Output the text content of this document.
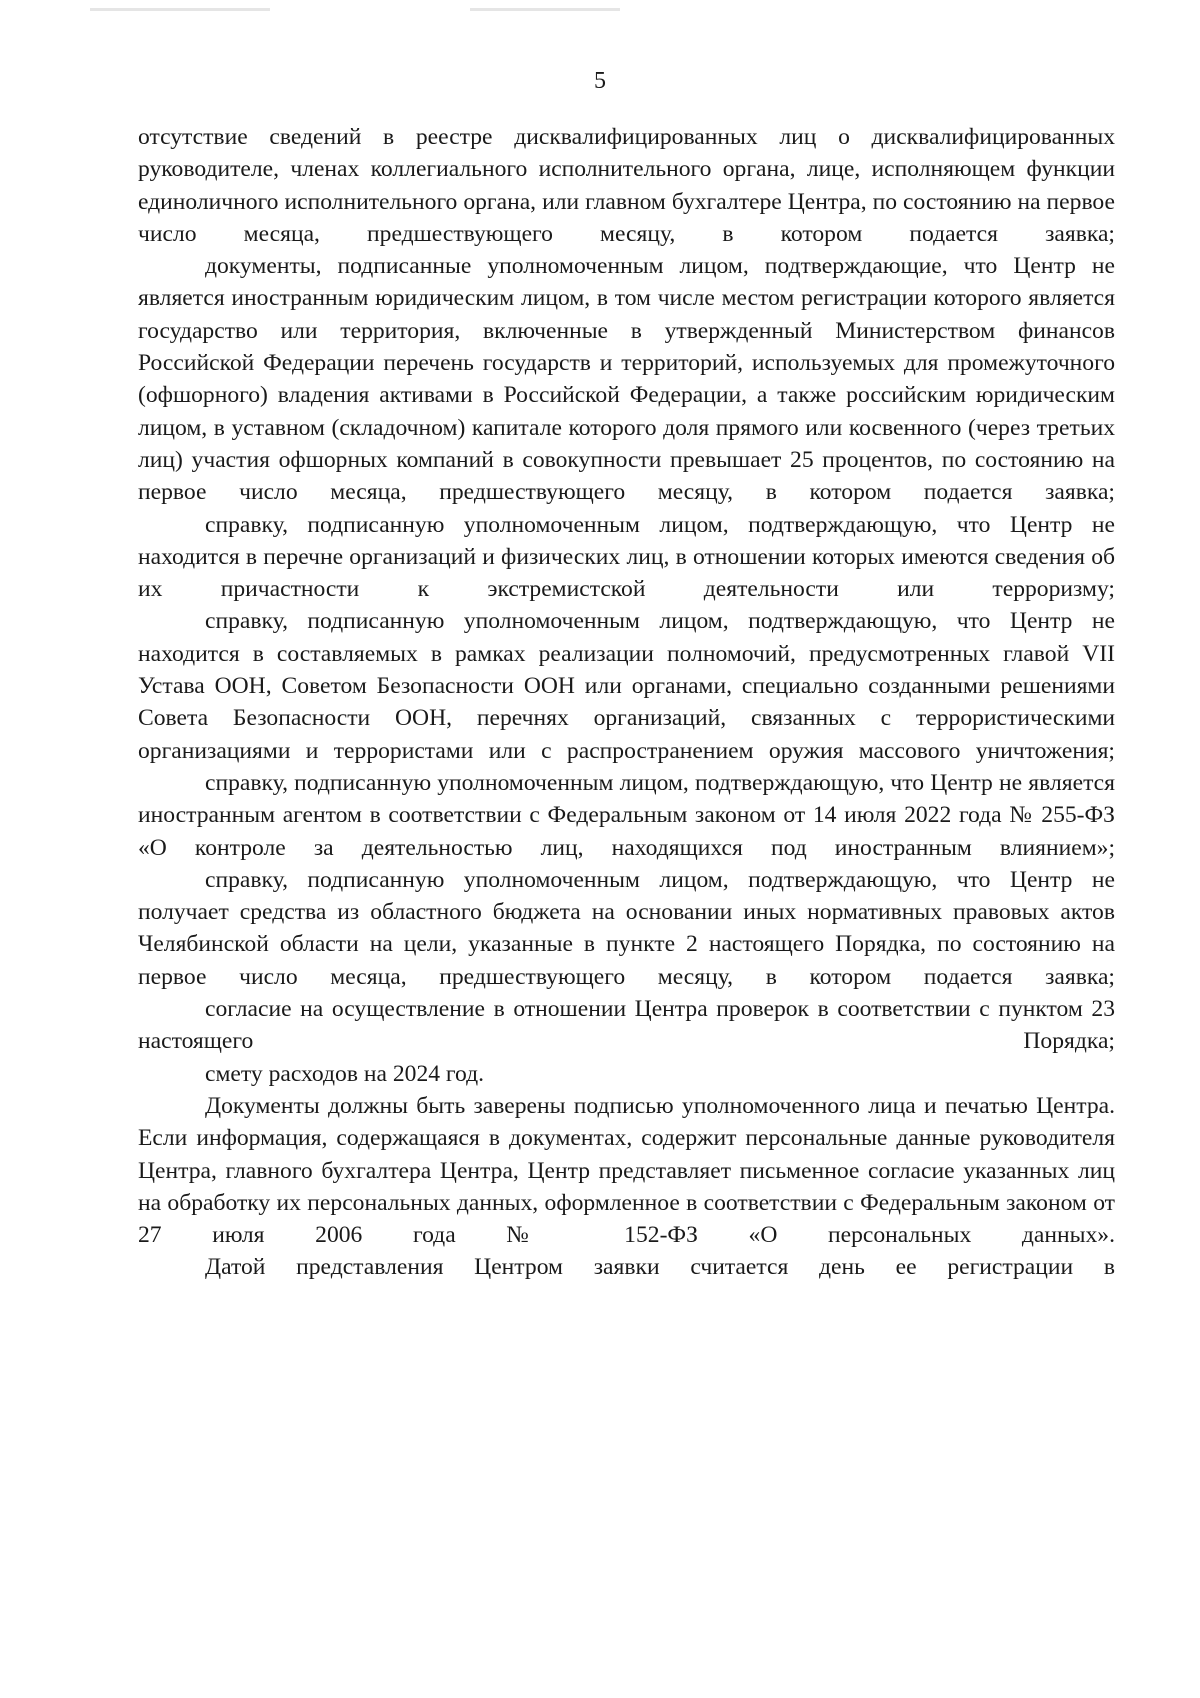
5

отсутствие сведений в реестре дисквалифицированных лиц о дисквалифицированных руководителе, членах коллегиального исполнительного органа, лице, исполняющем функции единоличного исполнительного органа, или главном бухгалтере Центра, по состоянию на первое число месяца, предшествующего месяцу, в котором подается заявка;

документы, подписанные уполномоченным лицом, подтверждающие, что Центр не является иностранным юридическим лицом, в том числе местом регистрации которого является государство или территория, включенные в утвержденный Министерством финансов Российской Федерации перечень государств и территорий, используемых для промежуточного (офшорного) владения активами в Российской Федерации, а также российским юридическим лицом, в уставном (складочном) капитале которого доля прямого или косвенного (через третьих лиц) участия офшорных компаний в совокупности превышает 25 процентов, по состоянию на первое число месяца, предшествующего месяцу, в котором подается заявка;

справку, подписанную уполномоченным лицом, подтверждающую, что Центр не находится в перечне организаций и физических лиц, в отношении которых имеются сведения об их причастности к экстремистской деятельности или терроризму;

справку, подписанную уполномоченным лицом, подтверждающую, что Центр не находится в составляемых в рамках реализации полномочий, предусмотренных главой VII Устава ООН, Советом Безопасности ООН или органами, специально созданными решениями Совета Безопасности ООН, перечнях организаций, связанных с террористическими организациями и террористами или с распространением оружия массового уничтожения;

справку, подписанную уполномоченным лицом, подтверждающую, что Центр не является иностранным агентом в соответствии с Федеральным законом от 14 июля 2022 года № 255-ФЗ «О контроле за деятельностью лиц, находящихся под иностранным влиянием»;

справку, подписанную уполномоченным лицом, подтверждающую, что Центр не получает средства из областного бюджета на основании иных нормативных правовых актов Челябинской области на цели, указанные в пункте 2 настоящего Порядка, по состоянию на первое число месяца, предшествующего месяцу, в котором подается заявка;

согласие на осуществление в отношении Центра проверок в соответствии с пунктом 23 настоящего Порядка;

смету расходов на 2024 год.

Документы должны быть заверены подписью уполномоченного лица и печатью Центра. Если информация, содержащаяся в документах, содержит персональные данные руководителя Центра, главного бухгалтера Центра, Центр представляет письменное согласие указанных лиц на обработку их персональных данных, оформленное в соответствии с Федеральным законом от 27 июля 2006 года № 152-ФЗ «О персональных данных».

Датой представления Центром заявки считается день ее регистрации в
